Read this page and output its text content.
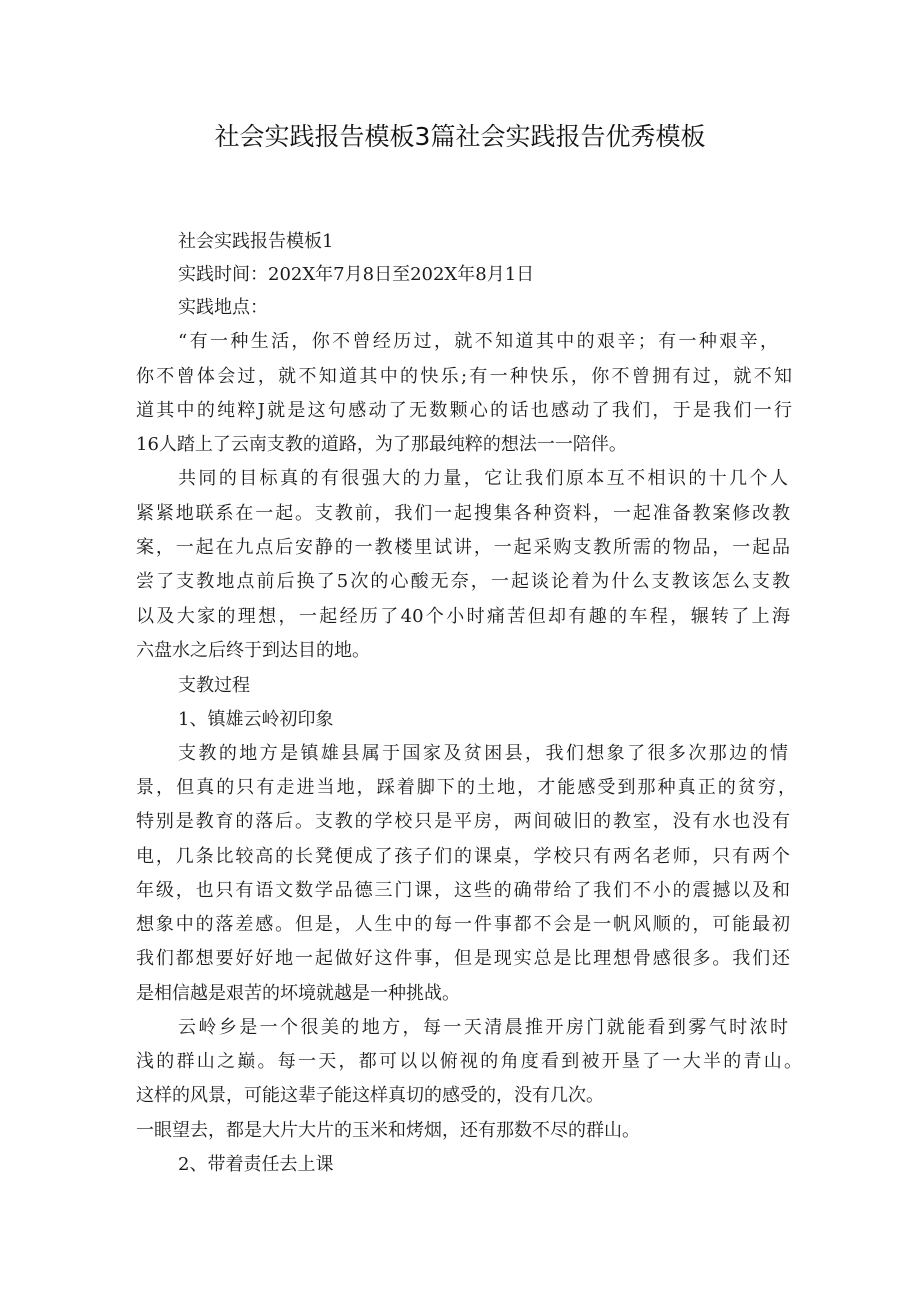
社会实践报告模板3篇社会实践报告优秀模板
社会实践报告模板1
实践时间：202X年7月8日至202X年8月1日
实践地点：
“有一种生活，你不曾经历过，就不知道其中的艰辛；有一种艰辛，
你不曾体会过，就不知道其中的快乐;有一种快乐，你不曾拥有过，就不知
道其中的纯粹J就是这句感动了无数颗心的话也感动了我们，于是我们一行
16人踏上了云南支教的道路，为了那最纯粹的想法一一陪伴。
共同的目标真的有很强大的力量，它让我们原本互不相识的十几个人
紧紧地联系在一起。支教前，我们一起搜集各种资料，一起准备教案修改教
案，一起在九点后安静的一教楼里试讲，一起采购支教所需的物品，一起品
尝了支教地点前后换了5次的心酸无奈，一起谈论着为什么支教该怎么支教
以及大家的理想，一起经历了40个小时痛苦但却有趣的车程，辗转了上海
六盘水之后终于到达目的地。
支教过程
1、镇雄云岭初印象
支教的地方是镇雄县属于国家及贫困县，我们想象了很多次那边的情
景，但真的只有走进当地，踩着脚下的土地，才能感受到那种真正的贫穷，
特别是教育的落后。支教的学校只是平房，两间破旧的教室，没有水也没有
电，几条比较高的长凳便成了孩子们的课桌，学校只有两名老师，只有两个
年级，也只有语文数学品德三门课，这些的确带给了我们不小的震撼以及和
想象中的落差感。但是，人生中的每一件事都不会是一帆风顺的，可能最初
我们都想要好好地一起做好这件事，但是现实总是比理想骨感很多。我们还
是相信越是艰苦的坏境就越是一种挑战。
云岭乡是一个很美的地方，每一天清晨推开房门就能看到雾气时浓时
浅的群山之巅。每一天，都可以以俯视的角度看到被开垦了一大半的青山。
这样的风景，可能这辈子能这样真切的感受的，没有几次。
一眼望去，都是大片大片的玉米和烤烟，还有那数不尽的群山。
2、带着责任去上课
